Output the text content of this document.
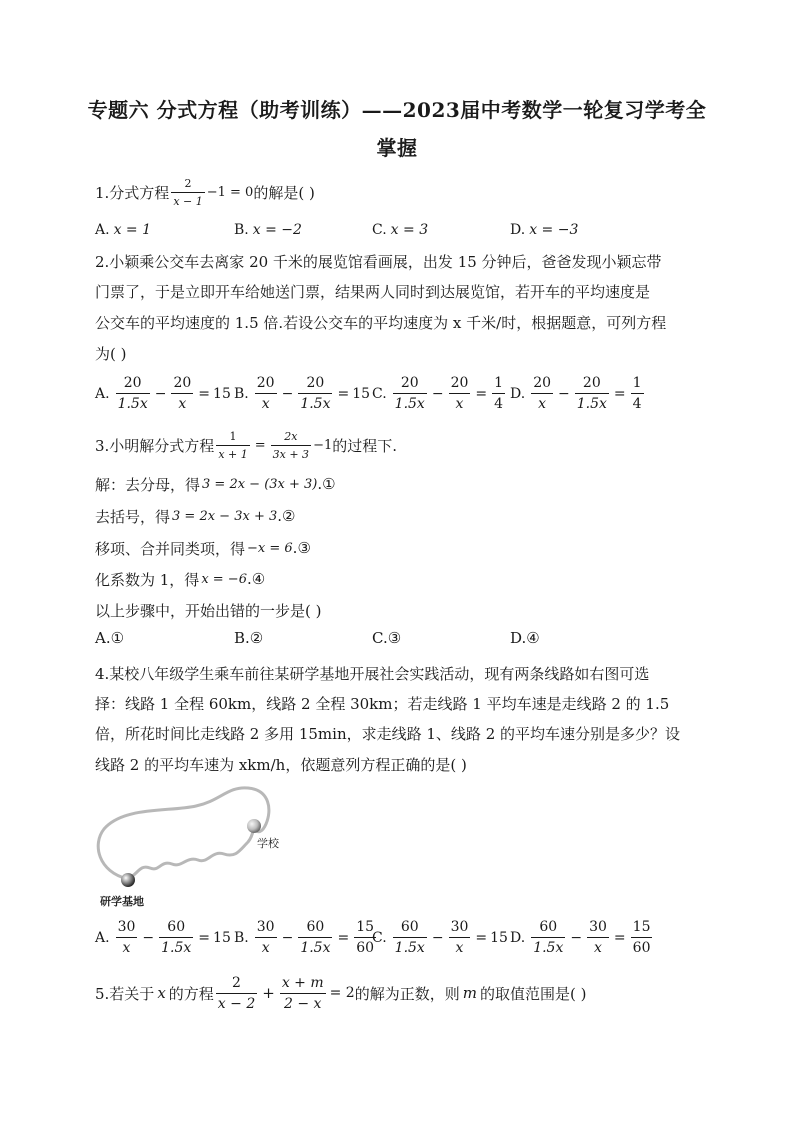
专题六 分式方程（助考训练）——2023届中考数学一轮复习学考全
掌握
1.分式方程 $\frac{2}{x - 1} -1 = 0$ 的解是( )
A. x = 1	B. x = −2	C. x = 3	D. x = −3
2.小颖乘公交车去离家 20 千米的展览馆看画展，出发 15 分钟后，爸爸发现小颖忘带
门票了，于是立即开车给她送门票，结果两人同时到达展览馆，若开车的平均速度是
公交车的平均速度的 1.5 倍.若设公交车的平均速度为 x 千米/时，根据题意，可列方程
为( )
A. $\frac{20}{1.5x} - \frac{20}{x} = 15$ B. $\frac{20}{x} - \frac{20}{1.5x} = 15$ C. $\frac{20}{1.5x} - \frac{20}{x} = \frac{1}{4} D$. $\frac{20}{x} - \frac{20}{1.5x} = \frac{1}{4}$
3.小明解分式方程 $\frac{1}{x + 1} = \frac{2x}{3x + 3} -1$ 的过程下.
解：去分母，得 3 = 2x − (3x + 3) .①
去括号，得 3 = 2x − 3x + 3 .②
移项、合并同类项，得 −x = 6 .③
化系数为 1，得 x = −6 .④
以上步骤中，开始出错的一步是( )
A. ①	B. ②	C. ③	D. ④
4.某校八年级学生乘车前往某研学基地开展社会实践活动，现有两条线路如右图可选
择：线路 1 全程 60km，线路 2 全程 30km；若走线路 1 平均车速是走线路 2 的 1.5
倍，所花时间比走线路 2 多用 15min，求走线路 1、线路 2 的平均车速分别是多少？设
线路 2 的平均车速为 xkm/h，依题意列方程正确的是( )
学校
研学基地
A. $\frac{30}{x} - \frac{60}{1.5x} = 15$ B. $\frac{30}{x} - \frac{60}{1.5x} = \frac{15}{60}$
C. $\frac{60}{1.5x} - \frac{30}{x} = 15$ D. $\frac{60}{1.5x} - \frac{30}{x} = \frac{15}{60}$
5.若关于 x 的方程 $\frac{2}{x - 2} + \frac{x + m}{2 - x} = 2$ 的解为正数，则 m 的取值范围是( )
